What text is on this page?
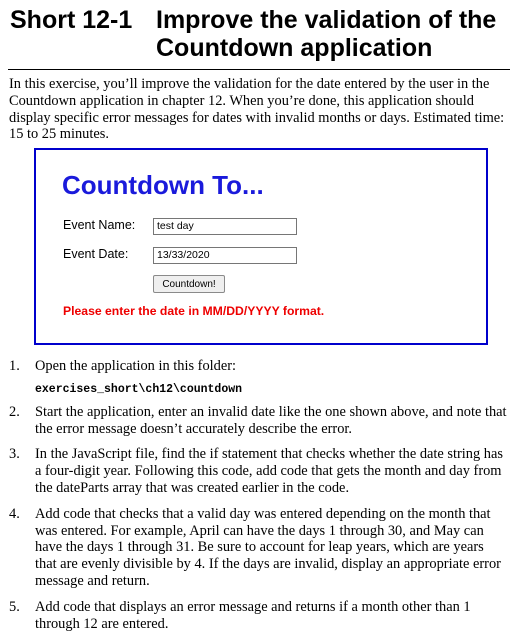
Short 12-1 Improve the validation of the Countdown application

In this exercise, you’ll improve the validation for the date entered by the user in the Countdown application in chapter 12. When you’re done, this application should display specific error messages for dates with invalid months or days. Estimated time: 15 to 25 minutes.

Countdown To...
Event Name:	test day
Event Date:	13/33/2020
Countdown!
Please enter the date in MM/DD/YYYY format.
1. Open the application in this folder:
exercises_short\ch12\countdown
2. Start the application, enter an invalid date like the one shown above, and note that the error message doesn’t accurately describe the error.
3. In the JavaScript file, find the if statement that checks whether the date string has a four-digit year. Following this code, add code that gets the month and day from the dateParts array that was created earlier in the code.
4. Add code that checks that a valid day was entered depending on the month that was entered. For example, April can have the days 1 through 30, and May can have the days 1 through 31. Be sure to account for leap years, which are years that are evenly divisible by 4. If the days are invalid, display an appropriate error message and return.
5. Add code that displays an error message and returns if a month other than 1 through 12 are entered.
